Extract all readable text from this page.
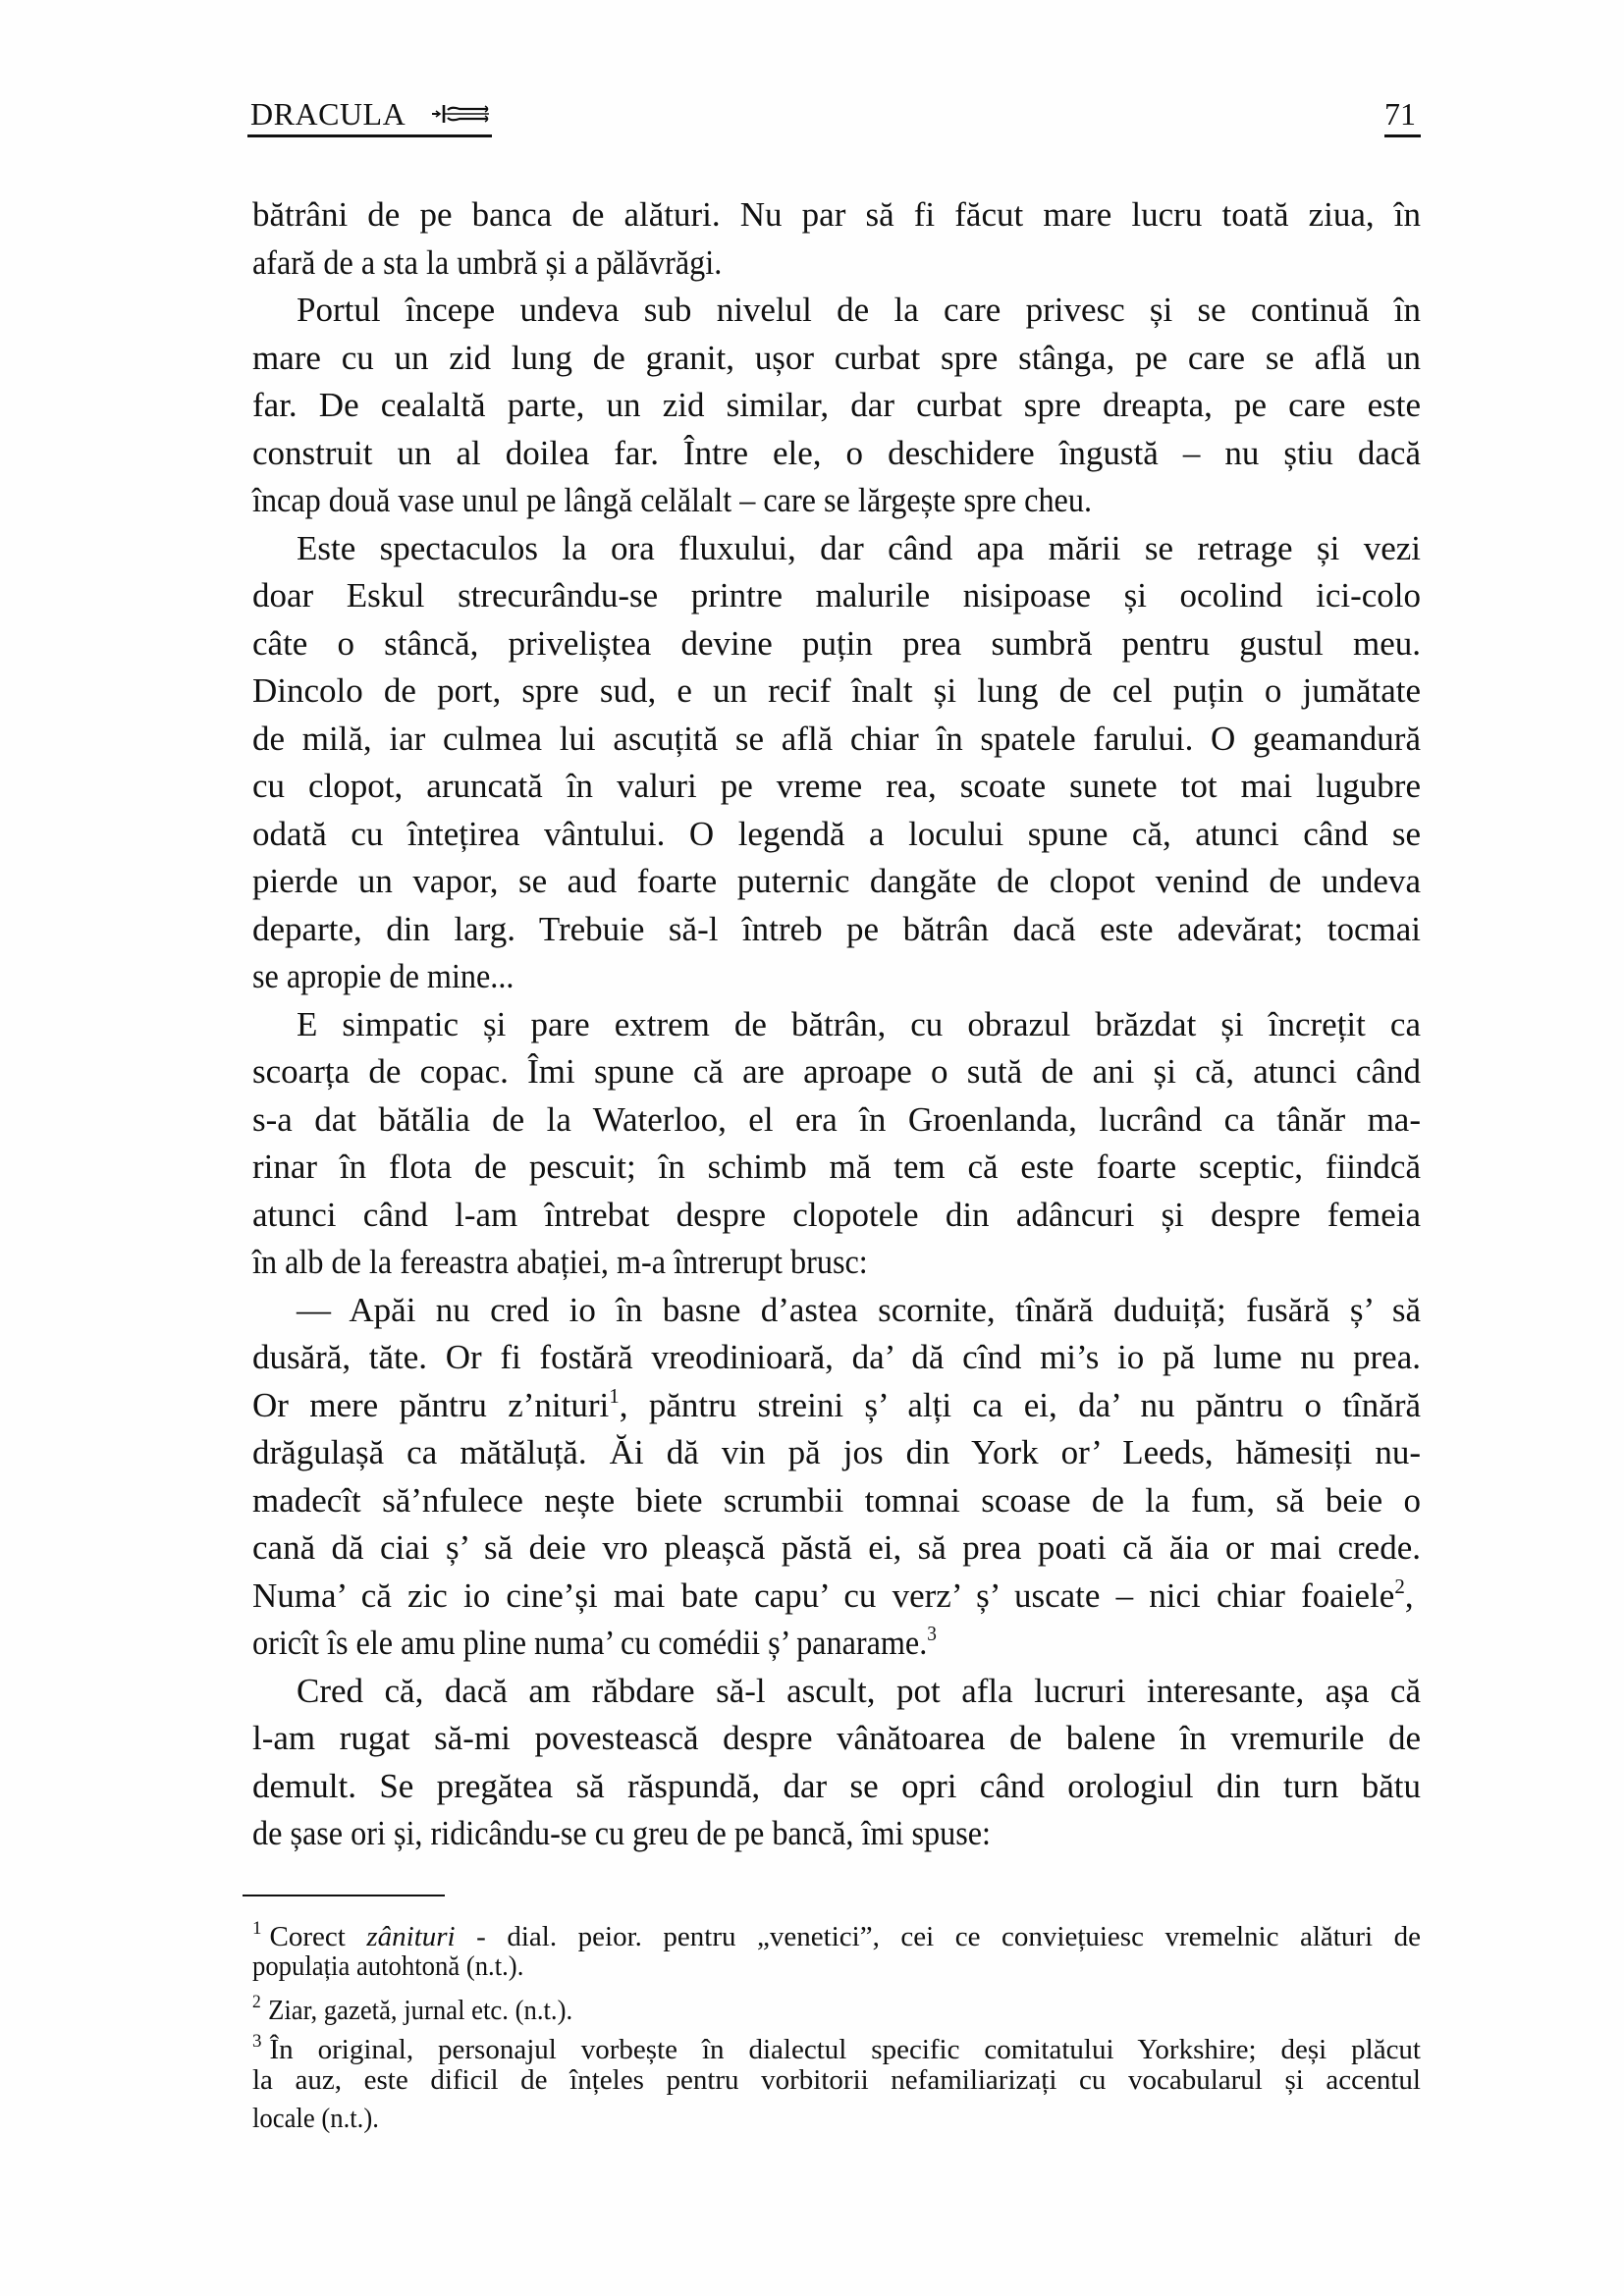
DRACULA	71
bătrâni de pe banca de alături. Nu par să fi făcut mare lucru toată ziua, în
afară de a sta la umbră și a pălăvrăgi.
Portul începe undeva sub nivelul de la care privesc și se continuă în
mare cu un zid lung de granit, ușor curbat spre stânga, pe care se află un
far. De cealaltă parte, un zid similar, dar curbat spre dreapta, pe care este
construit un al doilea far. Între ele, o deschidere îngustă – nu știu dacă
încap două vase unul pe lângă celălalt – care se lărgește spre cheu.
Este spectaculos la ora fluxului, dar când apa mării se retrage și vezi
doar Eskul strecurându-se printre malurile nisipoase și ocolind ici-colo
câte o stâncă, priveliștea devine puțin prea sumbră pentru gustul meu.
Dincolo de port, spre sud, e un recif înalt și lung de cel puțin o jumătate
de milă, iar culmea lui ascuțită se află chiar în spatele farului. O geamandură
cu clopot, aruncată în valuri pe vreme rea, scoate sunete tot mai lugubre
odată cu întețirea vântului. O legendă a locului spune că, atunci când se
pierde un vapor, se aud foarte puternic dangăte de clopot venind de undeva
departe, din larg. Trebuie să-l întreb pe bătrân dacă este adevărat; tocmai
se apropie de mine...
E simpatic și pare extrem de bătrân, cu obrazul brăzdat și încrețit ca
scoarța de copac. Îmi spune că are aproape o sută de ani și că, atunci când
s-a dat bătălia de la Waterloo, el era în Groenlanda, lucrând ca tânăr ma-
rinar în flota de pescuit; în schimb mă tem că este foarte sceptic, fiindcă
atunci când l-am întrebat despre clopotele din adâncuri și despre femeia
în alb de la fereastra abației, m-a întrerupt brusc:
— Apăi nu cred io în basne d’astea scornite, tînără duduiță; fusără ș’ să
dusără, tăte. Or fi fostără vreodinioară, da’ dă cînd mi’s io pă lume nu prea.
Or mere păntru z’nituri$^1$, păntru streini ș’ alți ca ei, da’ nu păntru o tînără
drăgulașă ca mătăluță. Ăi dă vin pă jos din York or’ Leeds, hămesiți nu-
madecît să’nfulece nește biete scrumbii tomnai scoase de la fum, să beie o
cană dă ciai ș’ să deie vro pleașcă păstă ei, să prea poati că ăia or mai crede.
Numa’ că zic io cine’și mai bate capu’ cu verz’ ș’ uscate – nici chiar foaiele$^2$,
oricît îs ele amu pline numa’ cu comédii ș’ panarame.$^3$
Cred că, dacă am răbdare să-l ascult, pot afla lucruri interesante, așa că
l-am rugat să-mi povestească despre vânătoarea de balene în vremurile de
demult. Se pregătea să răspundă, dar se opri când orologiul din turn bătu
de șase ori și, ridicându-se cu greu de pe bancă, îmi spuse:
$^1$ Corect zânituri - dial. peior. pentru „venetici”, cei ce conviețuiesc vremelnic alături de
populația autohtonă (n.t.).
$^2$ Ziar, gazetă, jurnal etc. (n.t.).
$^3$ În original, personajul vorbește în dialectul specific comitatului Yorkshire; deși plăcut
la auz, este dificil de înțeles pentru vorbitorii nefamiliarizați cu vocabularul și accentul
locale (n.t.).
